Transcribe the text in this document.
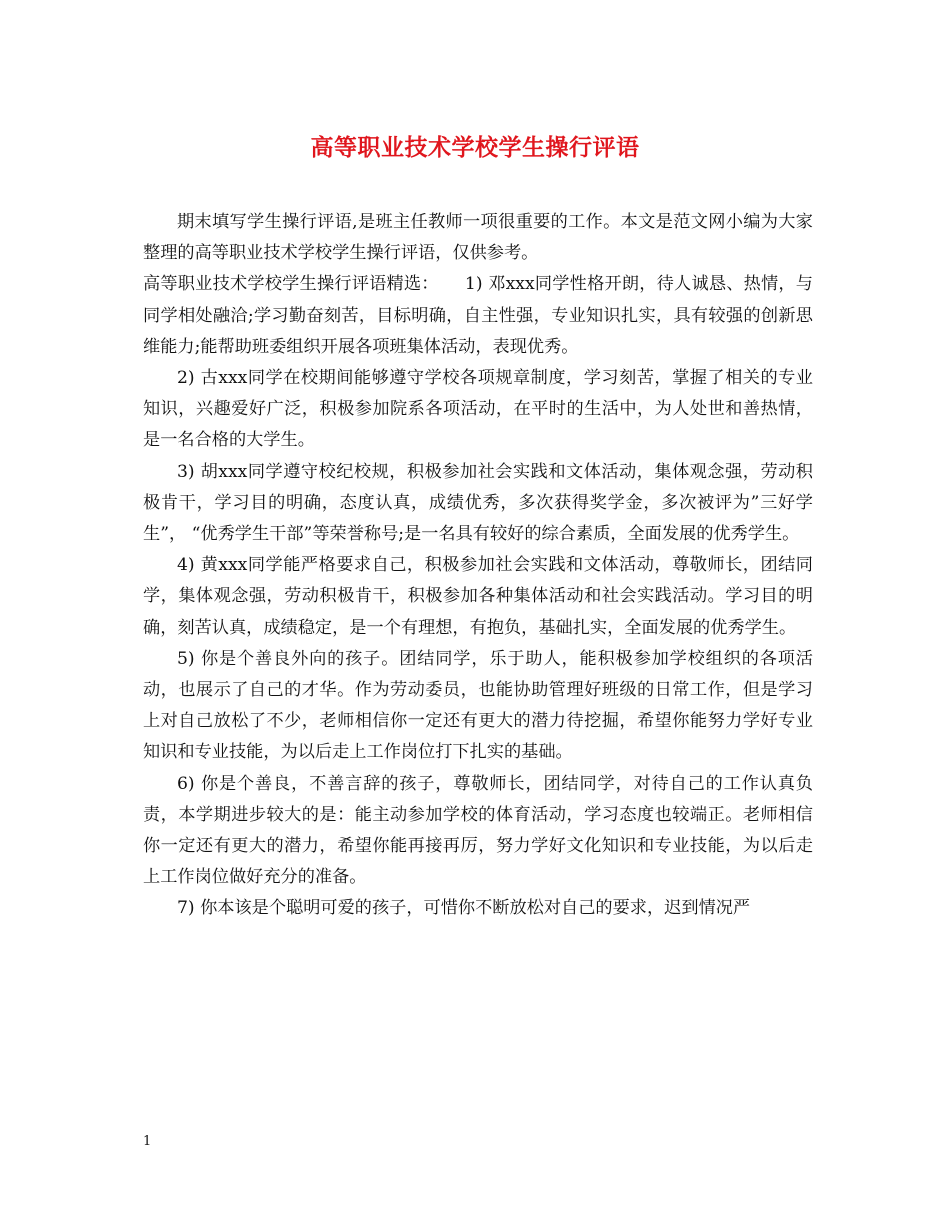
高等职业技术学校学生操行评语

期末填写学生操行评语,是班主任教师一项很重要的工作。本文是范文网小编为大家整理的高等职业技术学校学生操行评语，仅供参考。

高等职业技术学校学生操行评语精选：　　1) 邓xxx同学性格开朗，待人诚恳、热情，与同学相处融洽;学习勤奋刻苦，目标明确，自主性强，专业知识扎实，具有较强的创新思维能力;能帮助班委组织开展各项班集体活动，表现优秀。

2) 古xxx同学在校期间能够遵守学校各项规章制度，学习刻苦，掌握了相关的专业知识，兴趣爱好广泛，积极参加院系各项活动，在平时的生活中，为人处世和善热情，是一名合格的大学生。

3) 胡xxx同学遵守校纪校规，积极参加社会实践和文体活动，集体观念强，劳动积极肯干，学习目的明确，态度认真，成绩优秀，多次获得奖学金，多次被评为”三好学生”， “优秀学生干部”等荣誉称号;是一名具有较好的综合素质，全面发展的优秀学生。

4) 黄xxx同学能严格要求自己，积极参加社会实践和文体活动，尊敬师长，团结同学，集体观念强，劳动积极肯干，积极参加各种集体活动和社会实践活动。学习目的明确，刻苦认真，成绩稳定，是一个有理想，有抱负，基础扎实，全面发展的优秀学生。

5) 你是个善良外向的孩子。团结同学，乐于助人，能积极参加学校组织的各项活动，也展示了自己的才华。作为劳动委员，也能协助管理好班级的日常工作，但是学习上对自己放松了不少，老师相信你一定还有更大的潜力待挖掘，希望你能努力学好专业知识和专业技能，为以后走上工作岗位打下扎实的基础。

6) 你是个善良，不善言辞的孩子，尊敬师长，团结同学，对待自己的工作认真负责，本学期进步较大的是：能主动参加学校的体育活动，学习态度也较端正。老师相信你一定还有更大的潜力，希望你能再接再厉，努力学好文化知识和专业技能，为以后走上工作岗位做好充分的准备。

7) 你本该是个聪明可爱的孩子，可惜你不断放松对自己的要求，迟到情况严

1
